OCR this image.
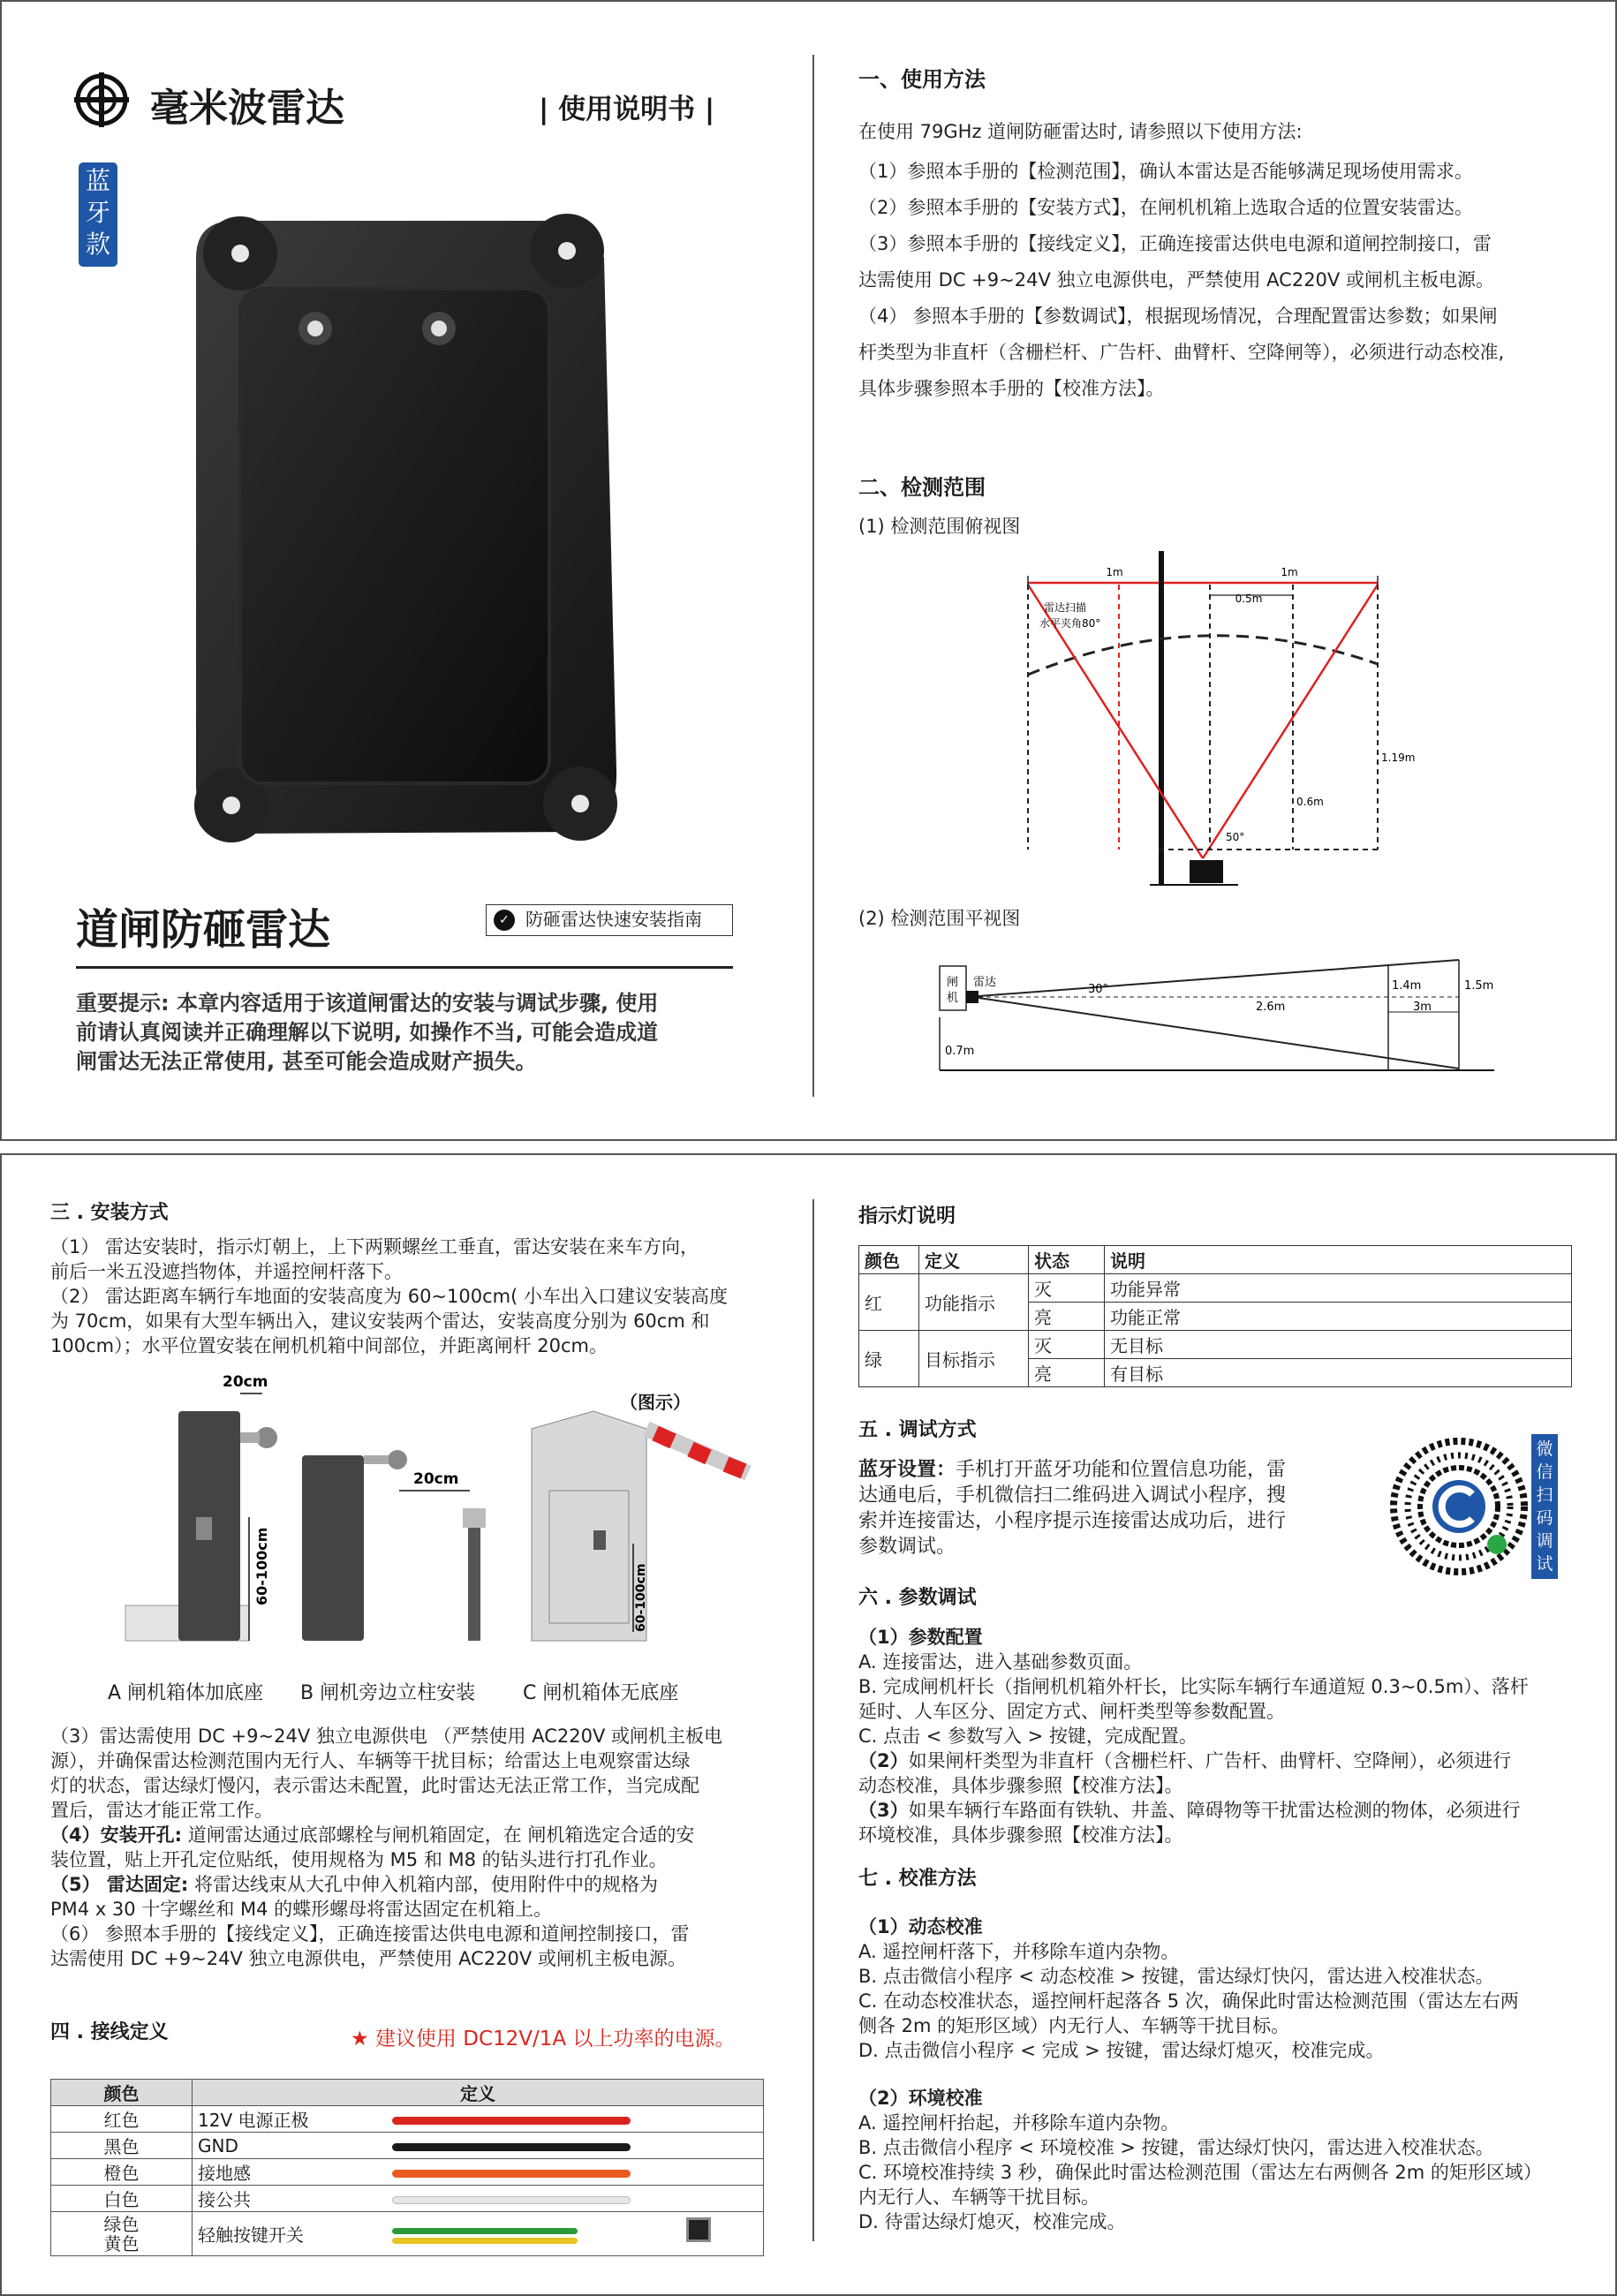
毫米波雷达	| 使用说明书 |
蓝
牙
款
道闸防砸雷达	✓ 防砸雷达快速安装指南
重要提示: 本章内容适用于该道闸雷达的安装与调试步骤, 使用
前请认真阅读并正确理解以下说明, 如操作不当, 可能会造成道
闸雷达无法正常使用, 甚至可能会造成财产损失。
一、使用方法
在使用 79GHz 道闸防砸雷达时, 请参照以下使用方法:
（1）参照本手册的【检测范围】，确认本雷达是否能够满足现场使用需求。
（2）参照本手册的【安装方式】，在闸机机箱上选取合适的位置安装雷达。
（3）参照本手册的【接线定义】，正确连接雷达供电电源和道闸控制接口，雷
达需使用 DC +9~24V 独立电源供电，严禁使用 AC220V 或闸机主板电源。
（4） 参照本手册的【参数调试】，根据现场情况，合理配置雷达参数；如果闸
杆类型为非直杆（含栅栏杆、广告杆、曲臂杆、空降闸等），必须进行动态校准,
具体步骤参照本手册的【校准方法】。
二、检测范围
(1) 检测范围俯视图
1m	1m
0.5m
雷达扫描
水平夹角80°
1.19m
0.6m
50°
(2) 检测范围平视图
闸
机
雷达
30°
2.6m	3m
1.4m	1.5m
0.7m
三 . 安装方式
（1） 雷达安装时，指示灯朝上，上下两颗螺丝工垂直，雷达安装在来车方向，
前后一米五没遮挡物体，并遥控闸杆落下。
（2） 雷达距离车辆行车地面的安装高度为 60~100cm( 小车出入口建议安装高度
为 70cm，如果有大型车辆出入，建议安装两个雷达，安装高度分别为 60cm 和
100cm）；水平位置安装在闸机机箱中间部位，并距离闸杆 20cm。
（图示）
20cm
60-100cm
20cm
60-100cm
A 闸机箱体加底座 B 闸机旁边立柱安装 C 闸机箱体无底座
（3）雷达需使用 DC +9~24V 独立电源供电 （严禁使用 AC220V 或闸机主板电
源），并确保雷达检测范围内无行人、车辆等干扰目标；给雷达上电观察雷达绿
灯的状态，雷达绿灯慢闪，表示雷达未配置，此时雷达无法正常工作，当完成配
置后，雷达才能正常工作。
（4）安装开孔: 道闸雷达通过底部螺栓与闸机箱固定，在 闸机箱选定合适的安
装位置，贴上开孔定位贴纸，使用规格为 M5 和 M8 的钻头进行打孔作业。
（5） 雷达固定: 将雷达线束从大孔中伸入机箱内部，使用附件中的规格为
PM4 x 30 十字螺丝和 M4 的蝶形螺母将雷达固定在机箱上。
（6） 参照本手册的【接线定义】，正确连接雷达供电电源和道闸控制接口，雷
达需使用 DC +9~24V 独立电源供电，严禁使用 AC220V 或闸机主板电源。
四 . 接线定义	★ 建议使用 DC12V/1A 以上功率的电源。
颜色	定义	
红色	12V 电源正极	
黑色	GND	
橙色	接地感	
白色	接公共	

绿色
黄色	轻触按键开关	
指示灯说明
颜色	定义	状态	说明
红	功能指示	灭	功能异常
		亮	功能正常
绿	目标指示	灭	无目标
		亮	有目标
五 . 调试方式
蓝牙设置：手机打开蓝牙功能和位置信息功能，雷
达通电后，手机微信扫二维码进入调试小程序，搜
索并连接雷达，小程序提示连接雷达成功后，进行
参数调试。
微
信
扫
码
调
试
六 . 参数调试
（1）参数配置
A. 连接雷达，进入基础参数页面。
B. 完成闸机杆长（指闸机机箱外杆长，比实际车辆行车通道短 0.3~0.5m）、落杆
延时、人车区分、固定方式、闸杆类型等参数配置。
C. 点击 < 参数写入 > 按键，完成配置。
（2）如果闸杆类型为非直杆（含栅栏杆、广告杆、曲臂杆、空降闸），必须进行
动态校准，具体步骤参照【校准方法】。
（3）如果车辆行车路面有铁轨、井盖、障碍物等干扰雷达检测的物体，必须进行
环境校准，具体步骤参照【校准方法】。
七 . 校准方法
（1）动态校准
A. 遥控闸杆落下，并移除车道内杂物。
B. 点击微信小程序 < 动态校准 > 按键，雷达绿灯快闪，雷达进入校准状态。
C. 在动态校准状态，遥控闸杆起落各 5 次，确保此时雷达检测范围（雷达左右两
侧各 2m 的矩形区域）内无行人、车辆等干扰目标。
D. 点击微信小程序 < 完成 > 按键，雷达绿灯熄灭，校准完成。
（2）环境校准
A. 遥控闸杆抬起，并移除车道内杂物。
B. 点击微信小程序 < 环境校准 > 按键，雷达绿灯快闪，雷达进入校准状态。
C. 环境校准持续 3 秒，确保此时雷达检测范围（雷达左右两侧各 2m 的矩形区域）
内无行人、车辆等干扰目标。
D. 待雷达绿灯熄灭，校准完成。
